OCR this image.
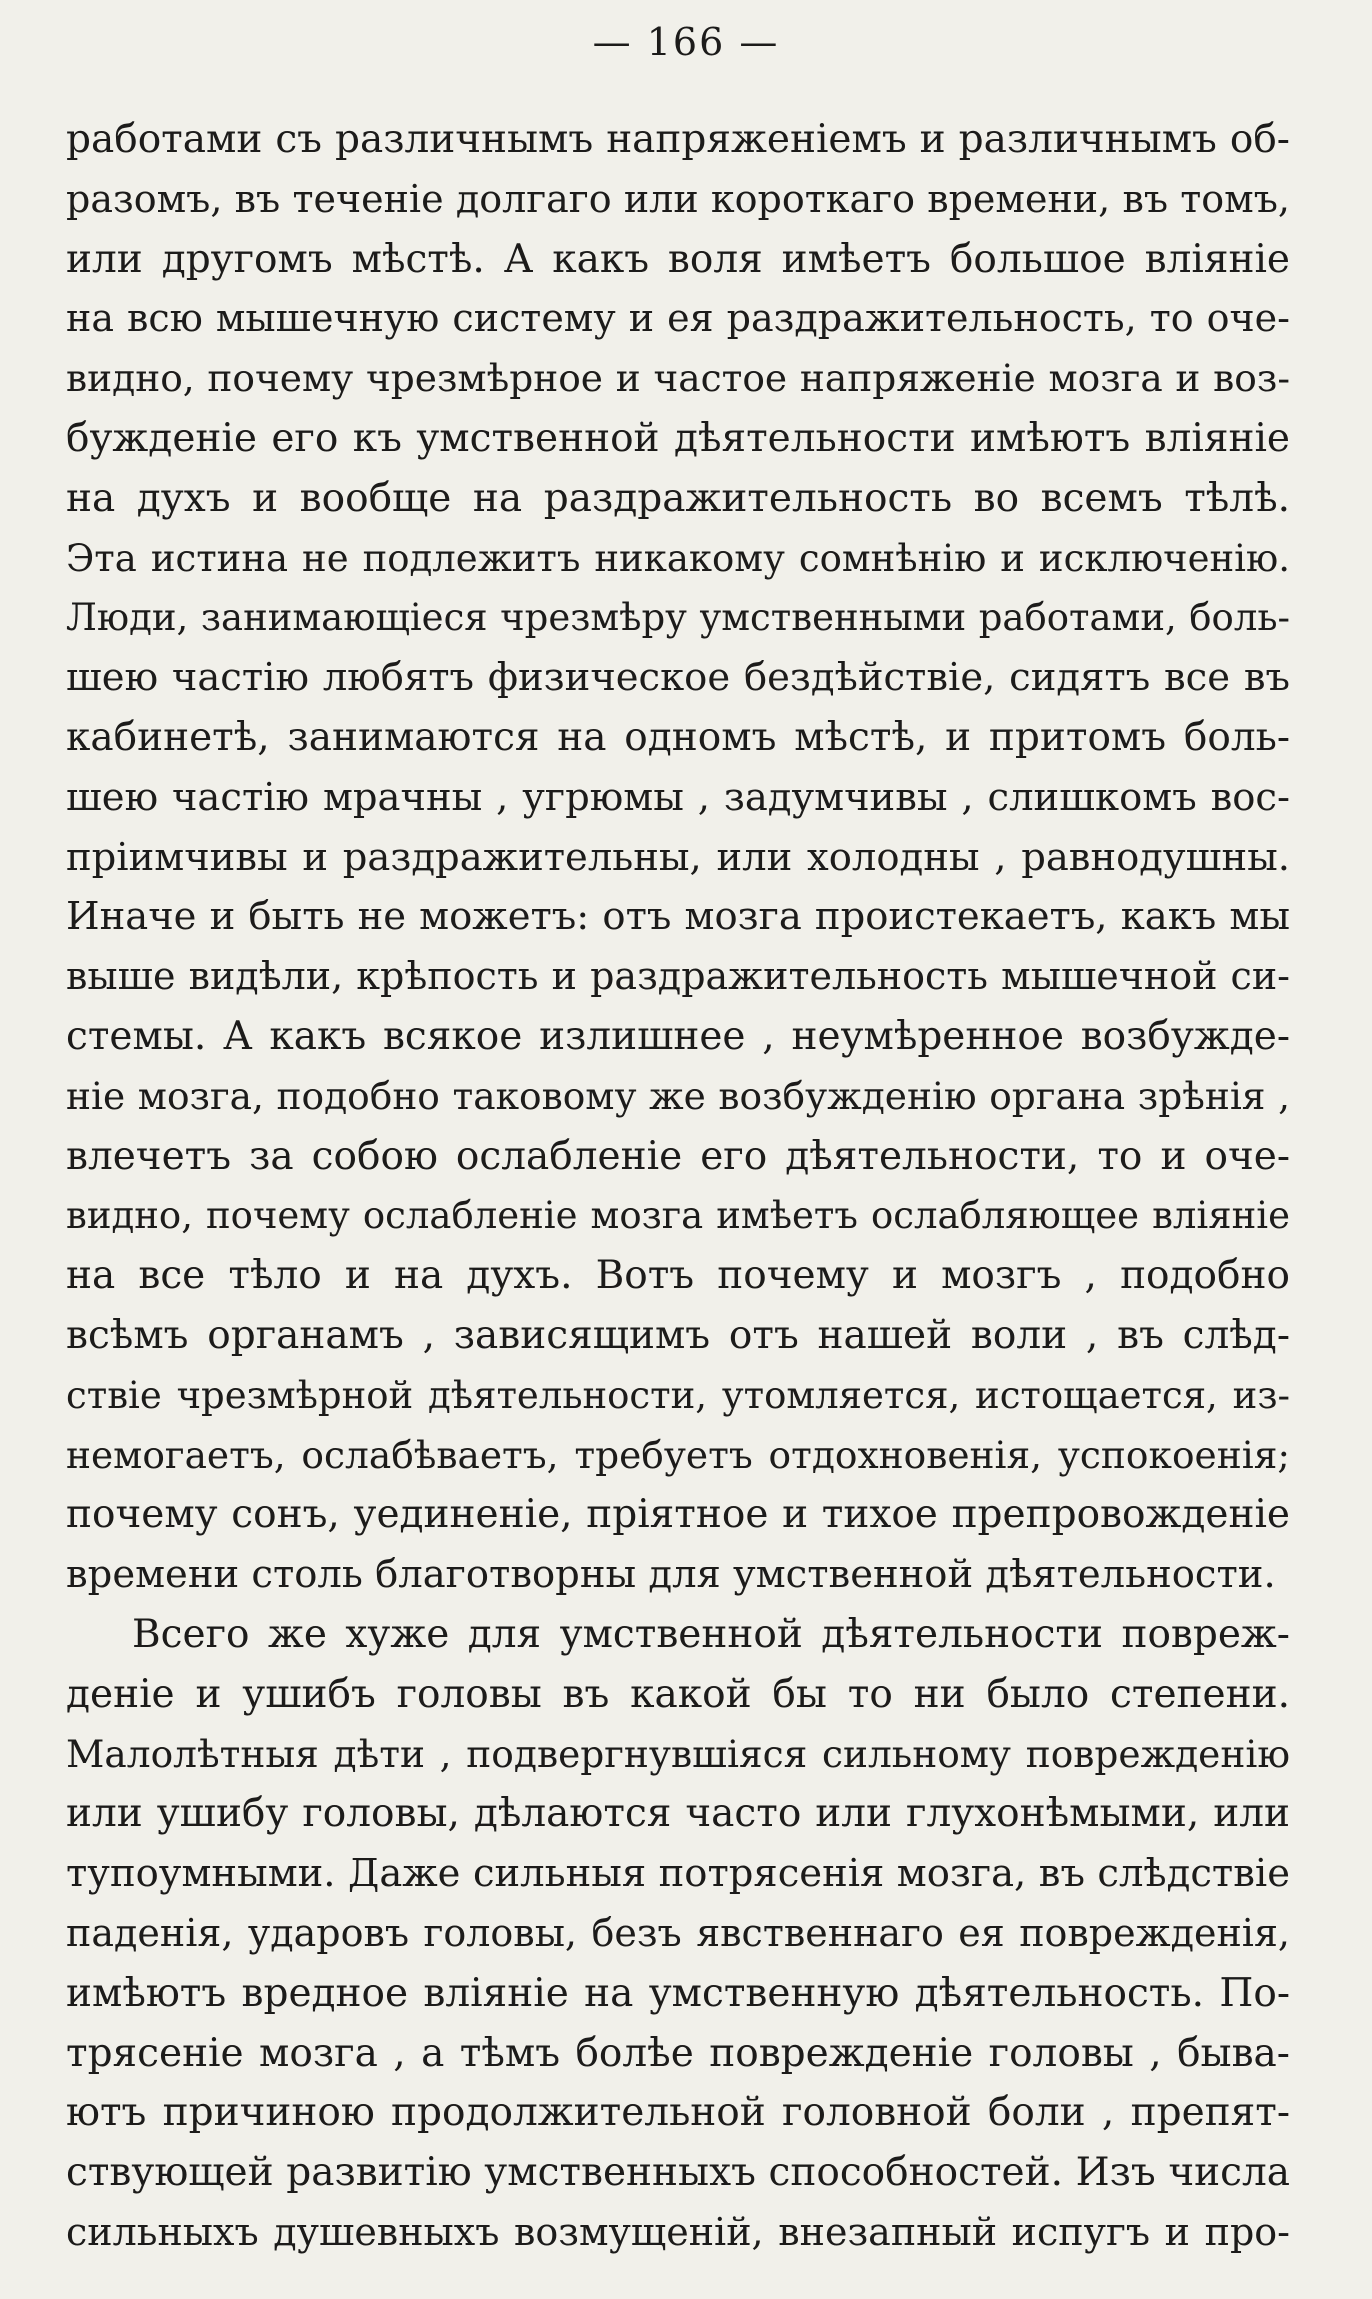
— 166 —
работами съ различнымъ напряженіемъ и различнымъ об-
разомъ, въ теченіе долгаго или короткаго времени, въ томъ,
или другомъ мѣстѣ. А какъ воля имѣетъ большое вліяніе
на всю мышечную систему и ея раздражительность, то оче-
видно, почему чрезмѣрное и частое напряженіе мозга и воз-
бужденіе его къ умственной дѣятельности имѣютъ вліяніе
на духъ и вообще на раздражительность во всемъ тѣлѣ.
Эта истина не подлежитъ никакому сомнѣнію и исключенію.
Люди, занимающіеся чрезмѣру умственными работами, боль-
шею частію любятъ физическое бездѣйствіе, сидятъ все въ
кабинетѣ, занимаются на одномъ мѣстѣ, и притомъ боль-
шею частію мрачны , угрюмы , задумчивы , слишкомъ вос-
пріимчивы и раздражительны, или холодны , равнодушны.
Иначе и быть не можетъ: отъ мозга проистекаетъ, какъ мы
выше видѣли, крѣпость и раздражительность мышечной си-
стемы. А какъ всякое излишнее , неумѣренное возбужде-
ніе мозга, подобно таковому же возбужденію органа зрѣнія ,
влечетъ за собою ослабленіе его дѣятельности, то и оче-
видно, почему ослабленіе мозга имѣетъ ослабляющее вліяніе
на все тѣло и на духъ. Вотъ почему и мозгъ , подобно
всѣмъ органамъ , зависящимъ отъ нашей воли , въ слѣд-
ствіе чрезмѣрной дѣятельности, утомляется, истощается, из-
немогаетъ, ослабѣваетъ, требуетъ отдохновенія, успокоенія;
почему сонъ, уединеніе, пріятное и тихое препровожденіе
времени столь благотворны для умственной дѣятельности.
Всего же хуже для умственной дѣятельности повреж-
деніе и ушибъ головы въ какой бы то ни было степени.
Малолѣтныя дѣти , подвергнувшіяся сильному поврежденію
или ушибу головы, дѣлаются часто или глухонѣмыми, или
тупоумными. Даже сильныя потрясенія мозга, въ слѣдствіе
паденія, ударовъ головы, безъ явственнаго ея поврежденія,
имѣютъ вредное вліяніе на умственную дѣятельность. По-
трясеніе мозга , а тѣмъ болѣе поврежденіе головы , быва-
ютъ причиною продолжительной головной боли , препят-
ствующей развитію умственныхъ способностей. Изъ числа
сильныхъ душевныхъ возмущеній, внезапный испугъ и про-
